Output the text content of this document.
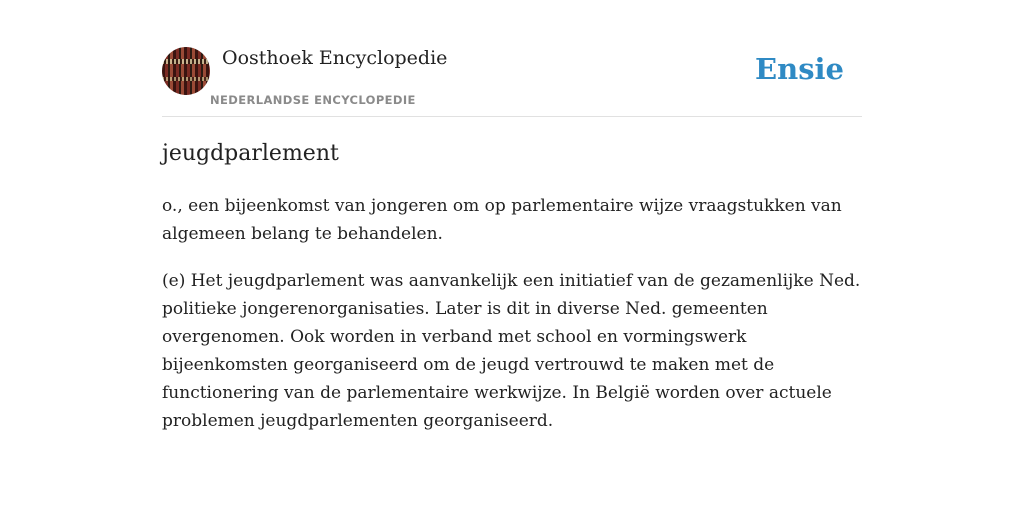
Oosthoek Encyclopedie
NEDERLANDSE ENCYCLOPEDIE
Ensie
jeugdparlement

o., een bijeenkomst van jongeren om op parlementaire wijze vraagstukken van algemeen belang te behandelen.

(e) Het jeugdparlement was aanvankelijk een initiatief van de gezamenlijke Ned. politieke jongerenorganisaties. Later is dit in diverse Ned. gemeenten overgenomen. Ook worden in verband met school en vormingswerk bijeenkomsten georganiseerd om de jeugd vertrouwd te maken met de functionering van de parlementaire werkwijze. In België worden over actuele problemen jeugdparlementen georganiseerd.
